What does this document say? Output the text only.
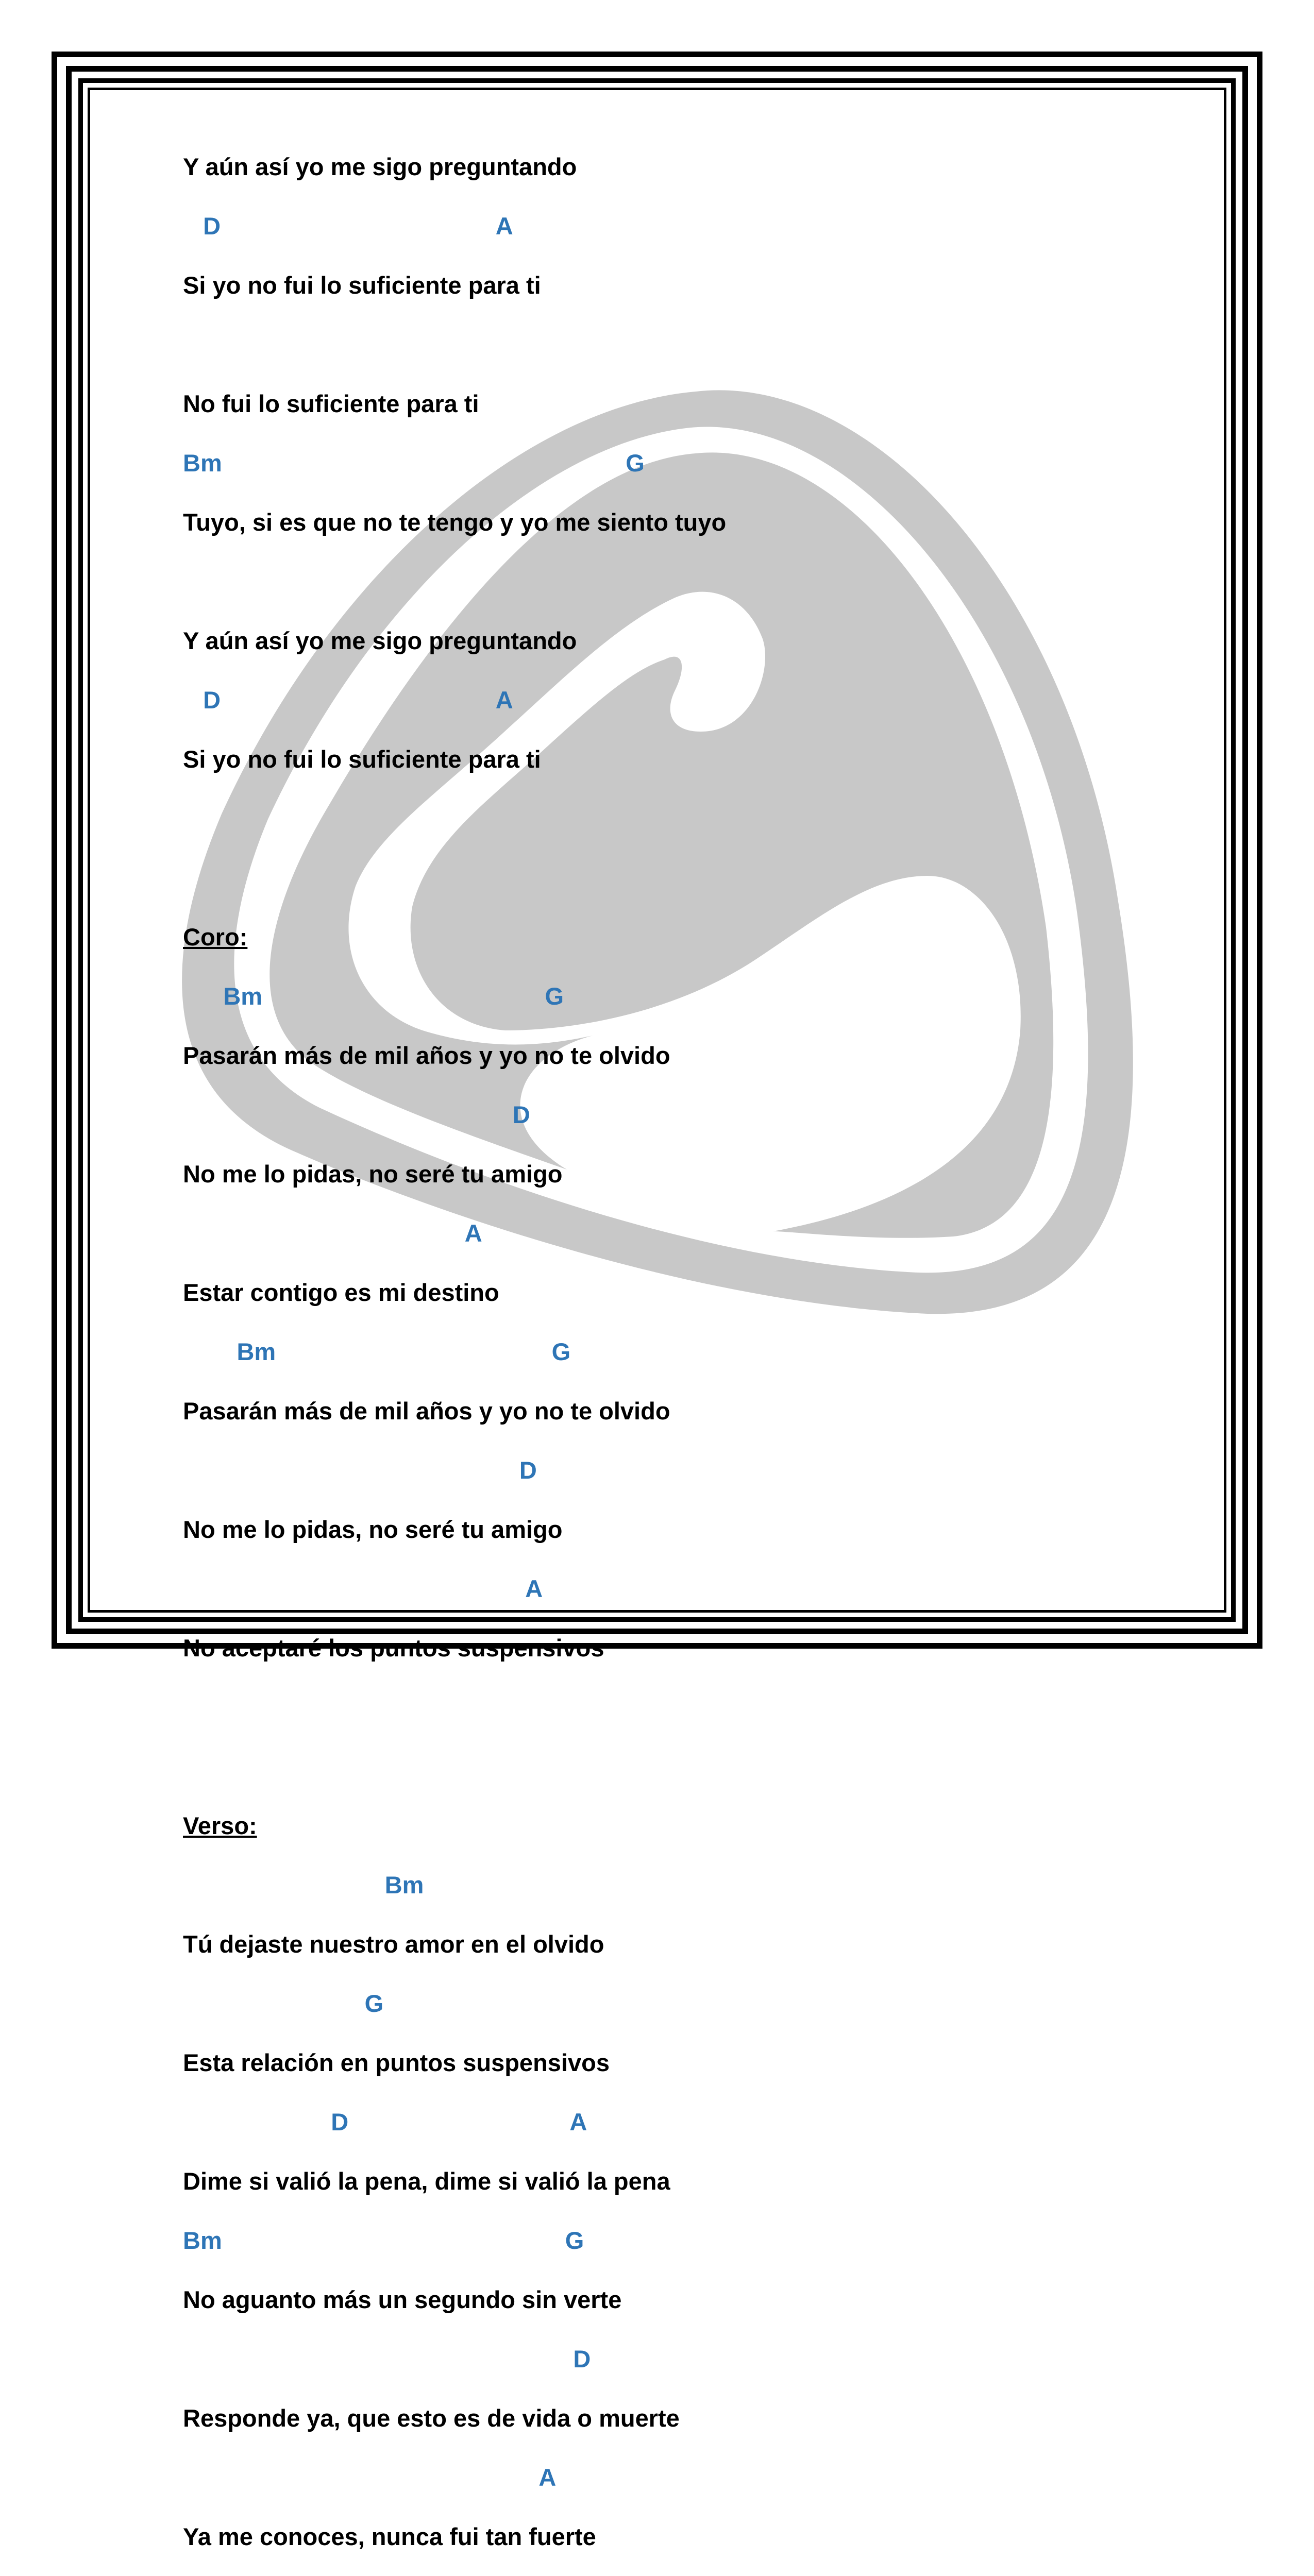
Y aún así yo me sigo preguntando
D                                         A
Si yo no fui lo suficiente para ti
No fui lo suficiente para ti
Bm                                                            G
Tuyo, si es que no te tengo y yo me siento tuyo
Y aún así yo me sigo preguntando
D                                         A
Si yo no fui lo suficiente para ti
Coro:
Bm                                          G
Pasarán más de mil años y yo no te olvido
D
No me lo pidas, no seré tu amigo
A
Estar contigo es mi destino
Bm                                         G
Pasarán más de mil años y yo no te olvido
D
No me lo pidas, no seré tu amigo
A
No aceptaré los puntos suspensivos
Verso:
Bm
Tú dejaste nuestro amor en el olvido
G
Esta relación en puntos suspensivos
D                                 A
Dime si valió la pena, dime si valió la pena
Bm                                                   G
No aguanto más un segundo sin verte
D
Responde ya, que esto es de vida o muerte
A
Ya me conoces, nunca fui tan fuerte
